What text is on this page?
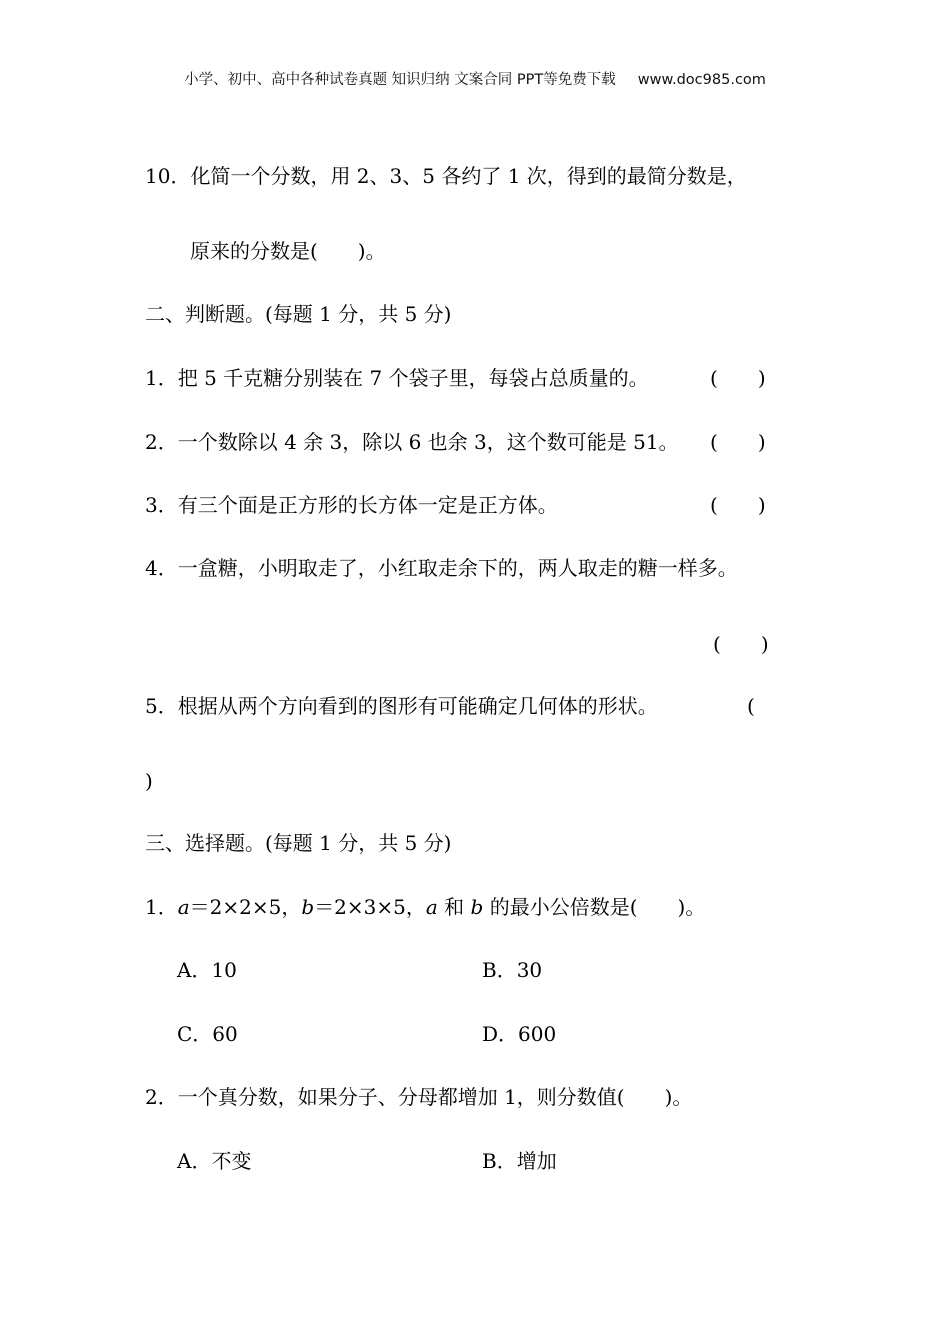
小学、初中、高中各种试卷真题 知识归纳 文案合同 PPT等免费下载 www.doc985.com
10．化简一个分数，用 2、3、5 各约了 1 次，得到的最简分数是，
原来的分数是(　　)。
二、判断题。(每题 1 分，共 5 分)
1．把 5 千克糖分别装在 7 个袋子里，每袋占总质量的。	( )
2．一个数除以 4 余 3，除以 6 也余 3，这个数可能是 51。 ( )
3．有三个面是正方形的长方体一定是正方体。	( )
4．一盒糖，小明取走了，小红取走余下的，两人取走的糖一样多。
( )
5．根据从两个方向看到的图形有可能确定几何体的形状。	(
)
三、选择题。(每题 1 分，共 5 分)
1．a＝2×2×5，b＝2×3×5，a 和 b 的最小公倍数是(　　)。
A．10	B．30
C．60	D．600
2．一个真分数，如果分子、分母都增加 1，则分数值(　　)。
A．不变	B．增加
